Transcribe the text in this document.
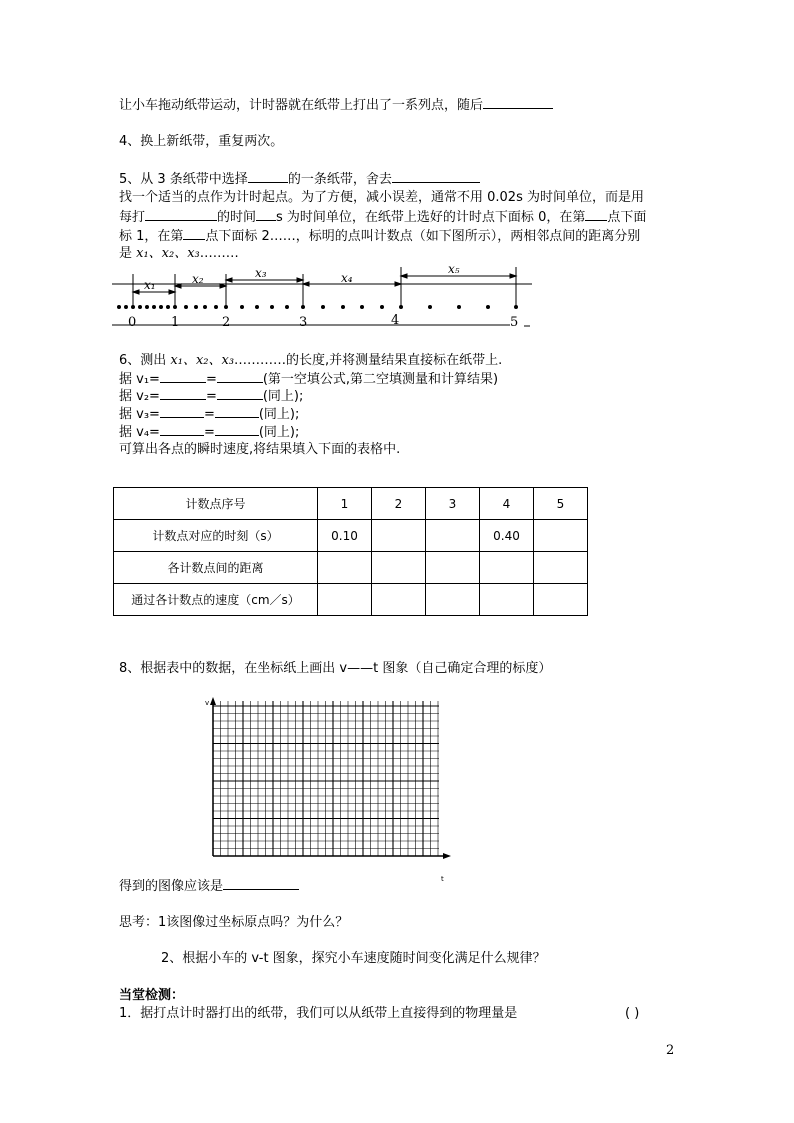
让小车拖动纸带运动，计时器就在纸带上打出了一系列点，随后
4、换上新纸带，重复两次。
5、从 3 条纸带中选择	的一条纸带，舍去
找一个适当的点作为计时起点。为了方便，减小误差，通常不用 0.02s 为时间单位，而是用
每打	的时间 s 为时间单位，在纸带上选好的计时点下面标 0，在第 点下面
标 1，在第 点下面标 2……，标明的点叫计数点（如下图所示），两相邻点间的距离分别
是 x₁、x₂、x₃………
x₁	x₂	x₃	x₄
x₅
0	1	2	3	4	5
6、测出 x₁、x₂、x₃…………的长度,并将测量结果直接标在纸带上.
据 v₁=	=	(第一空填公式,第二空填测量和计算结果)
据 v₂=	=	(同上);
据 v₃=	=	(同上);
据 v₄=	=	(同上);
可算出各点的瞬时速度,将结果填入下面的表格中.
计数点序号	1	2	3	4	5
计数点对应的时刻（s）	0.10			0.40	
各计数点间的距离					
通过各计数点的速度（cm／s）					
8、根据表中的数据，在坐标纸上画出 v——t 图象（自己确定合理的标度）
v
t
得到的图像应该是
思考：1该图像过坐标原点吗？为什么？
2、根据小车的 v-t 图象，探究小车速度随时间变化满足什么规律？
当堂检测：
1．据打点计时器打出的纸带，我们可以从纸带上直接得到的物理量是	( )
2
